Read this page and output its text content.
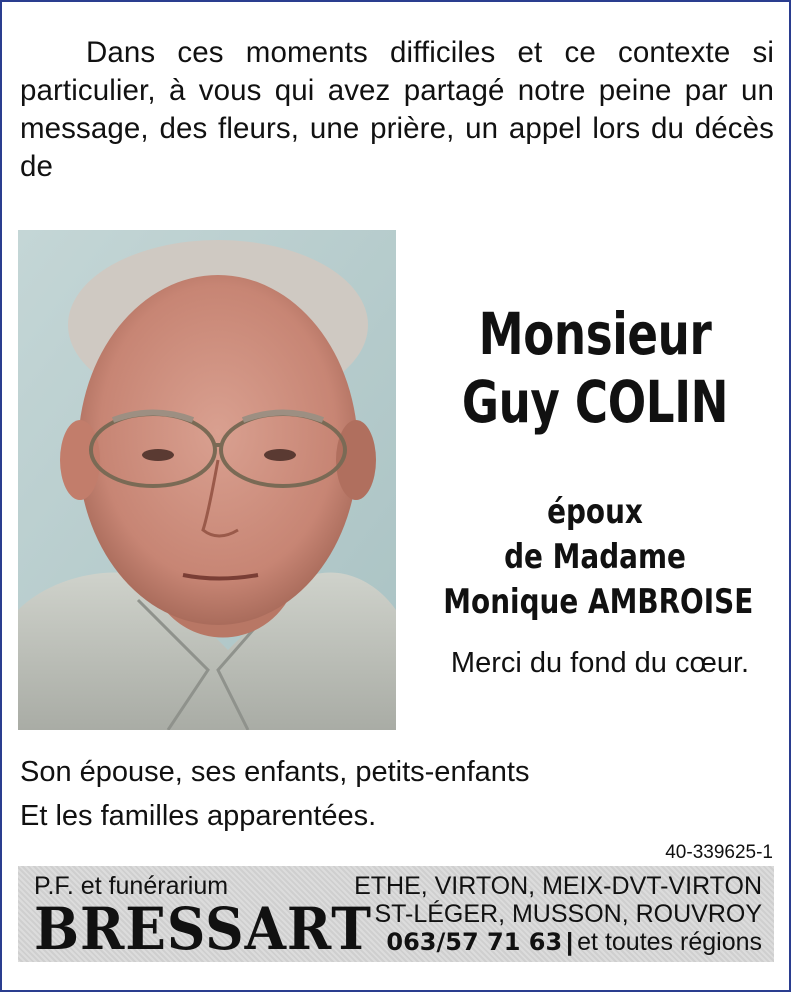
Dans ces moments difficiles et ce contexte si particulier, à vous qui avez partagé notre peine par un message, des fleurs, une prière, un appel lors du décès de

Monsieur
Guy COLIN
époux
de Madame
Monique AMBROISE
Merci du fond du cœur.
Son épouse, ses enfants, petits-enfants
Et les familles apparentées.
40-339625-1
P.F. et funérarium
BRESSART
ETHE, VIRTON, MEIX-DVT-VIRTON
ST-LÉGER, MUSSON, ROUVROY
063/57 71 63 | et toutes régions
